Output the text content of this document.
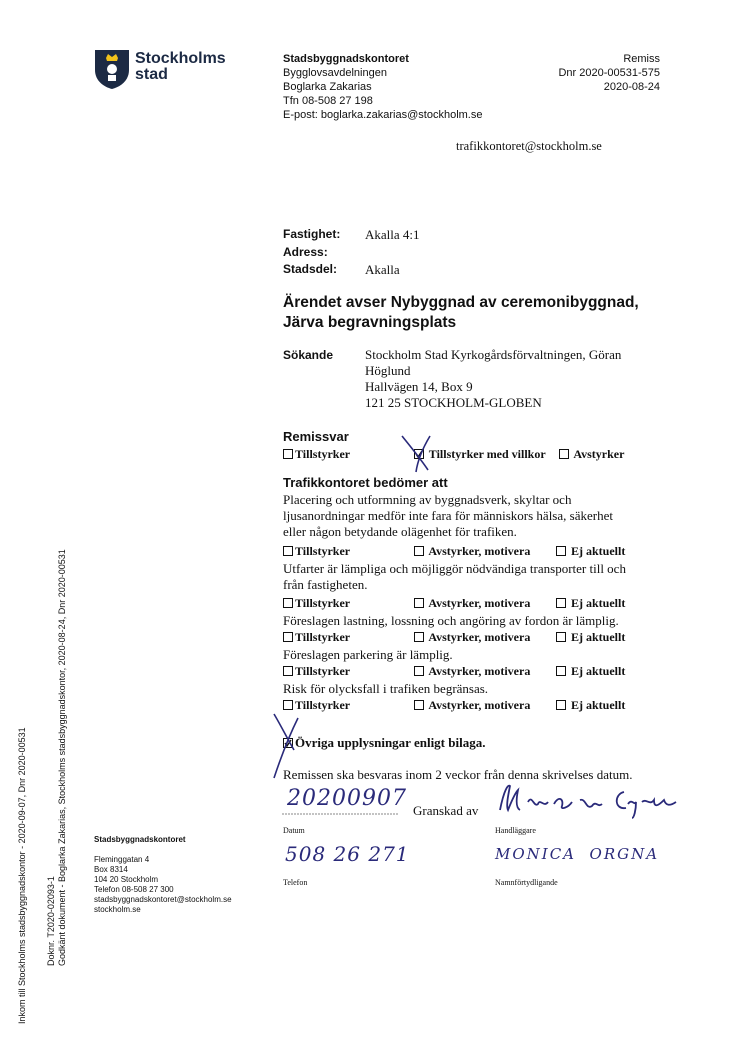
Stockholms
stad
Stadsbyggnadskontoret
Bygglovsavdelningen
Boglarka Zakarias
Tfn 08-508 27 198
E-post: boglarka.zakarias@stockholm.se
Remiss
Dnr 2020-00531-575
2020-08-24
trafikkontoret@stockholm.se
Fastighet: Akalla 4:1
Adress:
Stadsdel: Akalla
Ärendet avser Nybyggnad av ceremonibyggnad,
Järva begravningsplats
Sökande Stockholm Stad Kyrkogårdsförvaltningen, Göran
Höglund
Hallvägen 14, Box 9
121 25 STOCKHOLM-GLOBEN
Remissvar
Tillstyrker	Tillstyrker med villkor	Avstyrker
Trafikkontoret bedömer att
Placering och utformning av byggnadsverk, skyltar och
ljusanordningar medför inte fara för människors hälsa, säkerhet
eller någon betydande olägenhet för trafiken.
Tillstyrker	Avstyrker, motivera	Ej aktuellt
Utfarter är lämpliga och möjliggör nödvändiga transporter till och
från fastigheten.
Tillstyrker	Avstyrker, motivera	Ej aktuellt
Föreslagen lastning, lossning och angöring av fordon är lämplig.
Tillstyrker	Avstyrker, motivera	Ej aktuellt
Föreslagen parkering är lämplig.
Tillstyrker	Avstyrker, motivera	Ej aktuellt
Risk för olycksfall i trafiken begränsas.
Tillstyrker	Avstyrker, motivera	Ej aktuellt
Övriga upplysningar enligt bilaga.
Remissen ska besvaras inom 2 veckor från denna skrivelses datum.
20200907 Granskad av
Datum	Handläggare
508 26 271
Telefon
MONICA  ORGNA
Namnförtydligande
Stadsbyggnadskontoret
Fleminggatan 4
Box 8314
104 20 Stockholm
Telefon 08-508 27 300
stadsbyggnadskontoret@stockholm.se
stockholm.se
Inkom till Stockholms stadsbyggnadskontor - 2020-09-07, Dnr 2020-00531 Doknr. T2020-02093-1 Godkänt dokument - Boglarka Zakarias, Stockholms stadsbyggnadskontor, 2020-08-24, Dnr 2020-00531
